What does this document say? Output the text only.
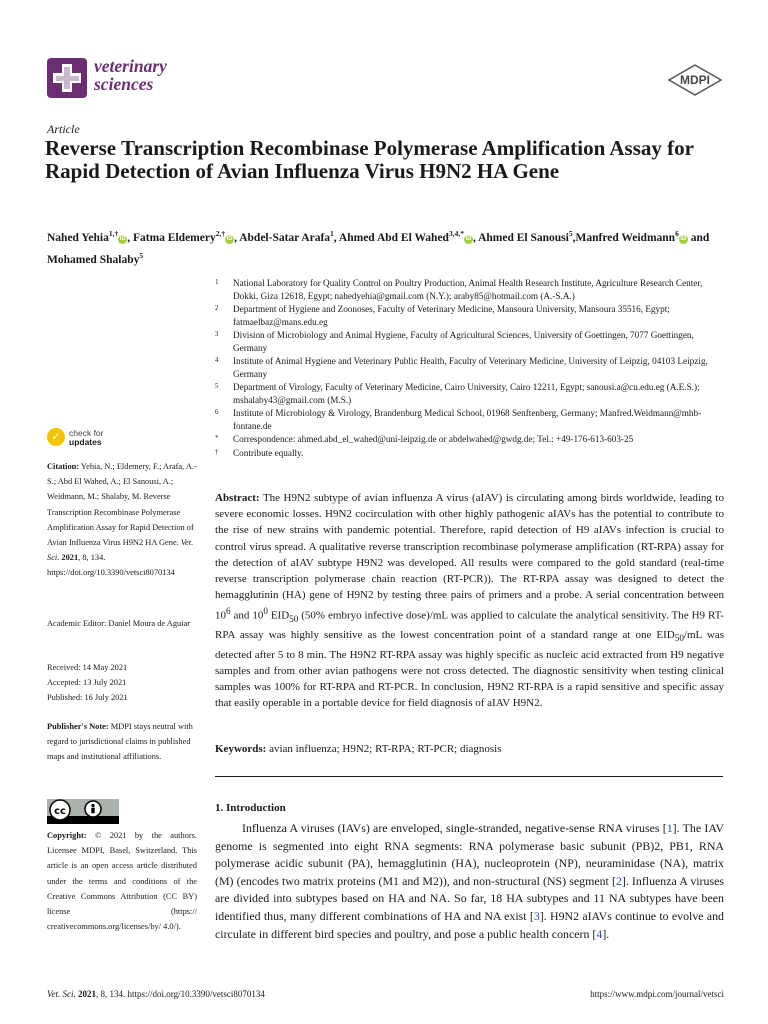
veterinary
sciences	MDPI
Article
Reverse Transcription Recombinase Polymerase Amplification Assay for Rapid Detection of Avian Influenza Virus H9N2 HA Gene
Nahed Yehia$^{1,\dagger}$iD , Fatma Eldemery$^{2,\dagger}$iD , Abdel-Satar Arafa$^1$, Ahmed Abd El Wahed$^{3,4,*}$iD , Ahmed El Sanousi$^5$,Manfred Weidmann$^6$iD and Mohamed Shalaby$^5$
1	National Laboratory for Quality Control on Poultry Production, Animal Health Research Institute, Agriculture Research Center, Dokki, Giza 12618, Egypt; nahedyehia@gmail.com (N.Y.); araby85@hotmail.com (A.-S.A.)
2	Department of Hygiene and Zoonoses, Faculty of Veterinary Medicine, Mansoura University, Mansoura 35516, Egypt; fatmaelbaz@mans.edu.eg
3	Division of Microbiology and Animal Hygiene, Faculty of Agricultural Sciences, University of Goettingen, 7077 Goettingen, Germany
4	Institute of Animal Hygiene and Veterinary Public Health, Faculty of Veterinary Medicine, University of Leipzig, 04103 Leipzig, Germany
5	Department of Virology, Faculty of Veterinary Medicine, Cairo University, Cairo 12211, Egypt; sanousi.a@cu.edu.eg (A.E.S.); mshalaby43@gmail.com (M.S.)
6	Institute of Microbiology & Virology, Brandenburg Medical School, 01968 Senftenberg, Germany; Manfred.Weidmann@mhb-fontane.de
*	Correspondence: ahmed.abd_el_wahed@uni-leipzig.de or abdelwahed@gwdg.de; Tel.: +49-176-613-603-25
†	Contribute equally.
✓ check for
updates
Citation: Yehia, N.; Eldemery, F.; Arafa, A.-S.; Abd El Wahed, A.; El Sanousi, A.; Weidmann, M.; Shalaby, M. Reverse Transcription Recombinase Polymerase Amplification Assay for Rapid Detection of Avian Influenza Virus H9N2 HA Gene. Vet. Sci. 2021, 8, 134. https://doi.org/10.3390/vetsci8070134
Academic Editor: Daniel Moura de Aguiar
Received: 14 May 2021
Accepted: 13 July 2021
Published: 16 July 2021
Publisher's Note: MDPI stays neutral with regard to jurisdictional claims in published maps and institutional affiliations.
cc
Copyright: © 2021 by the authors. Licensee MDPI, Basel, Switzerland. This article is an open access article distributed under the terms and conditions of the Creative Commons Attribution (CC BY) license (https:// creativecommons.org/licenses/by/ 4.0/).
Abstract: The H9N2 subtype of avian influenza A virus (aIAV) is circulating among birds worldwide, leading to severe economic losses. H9N2 cocirculation with other highly pathogenic aIAVs has the potential to contribute to the rise of new strains with pandemic potential. Therefore, rapid detection of H9 aIAVs infection is crucial to control virus spread. A qualitative reverse transcription recombinase polymerase amplification (RT-RPA) assay for the detection of aIAV subtype H9N2 was developed. All results were compared to the gold standard (real-time reverse transcription polymerase chain reaction (RT-PCR)). The RT-RPA assay was designed to detect the hemagglutinin (HA) gene of H9N2 by testing three pairs of primers and a probe. A serial concentration between $10^6$ and $10^0$ $EID_{50}$ (50% embryo infective dose)/mL was applied to calculate the analytical sensitivity. The H9 RT-RPA assay was highly sensitive as the lowest concentration point of a standard range at one $EID_{50}/mL$ was detected after 5 to 8 min. The H9N2 RT-RPA assay was highly specific as nucleic acid extracted from H9 negative samples and from other avian pathogens were not cross detected. The diagnostic sensitivity when testing clinical samples was 100% for RT-RPA and RT-PCR. In conclusion, H9N2 RT-RPA is a rapid sensitive and specific assay that easily operable in a portable device for field diagnosis of aIAV H9N2.
Keywords: avian influenza; H9N2; RT-RPA; RT-PCR; diagnosis
1. Introduction
Influenza A viruses (IAVs) are enveloped, single-stranded, negative-sense RNA viruses [1]. The IAV genome is segmented into eight RNA segments: RNA polymerase basic subunit (PB)2, PB1, RNA polymerase acidic subunit (PA), hemagglutinin (HA), nucleoprotein (NP), neuraminidase (NA), matrix (M) (encodes two matrix proteins (M1 and M2)), and non-structural (NS) segment [2]. Influenza A viruses are divided into subtypes based on HA and NA. So far, 18 HA subtypes and 11 NA subtypes have been identified thus, many different combinations of HA and NA exist [3]. H9N2 aIAVs continue to evolve and circulate in different bird species and poultry, and pose a public health concern [4].
Vet. Sci. 2021, 8, 134. https://doi.org/10.3390/vetsci8070134	https://www.mdpi.com/journal/vetsci
